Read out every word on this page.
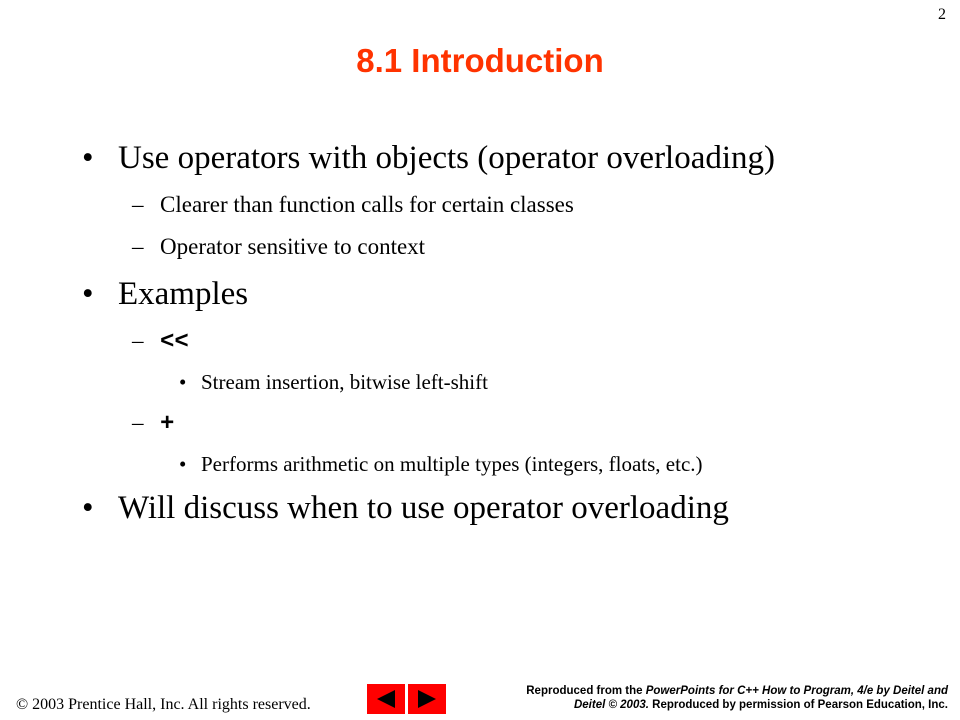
2
8.1 Introduction
• Use operators with objects (operator overloading)
– Clearer than function calls for certain classes
– Operator sensitive to context
• Examples
– <<
• Stream insertion, bitwise left-shift
– +
• Performs arithmetic on multiple types (integers, floats, etc.)
• Will discuss when to use operator overloading
© 2003 Prentice Hall, Inc. All rights reserved.
Reproduced from the PowerPoints for C++ How to Program, 4/e by Deitel and Deitel © 2003. Reproduced by permission of Pearson Education, Inc.
